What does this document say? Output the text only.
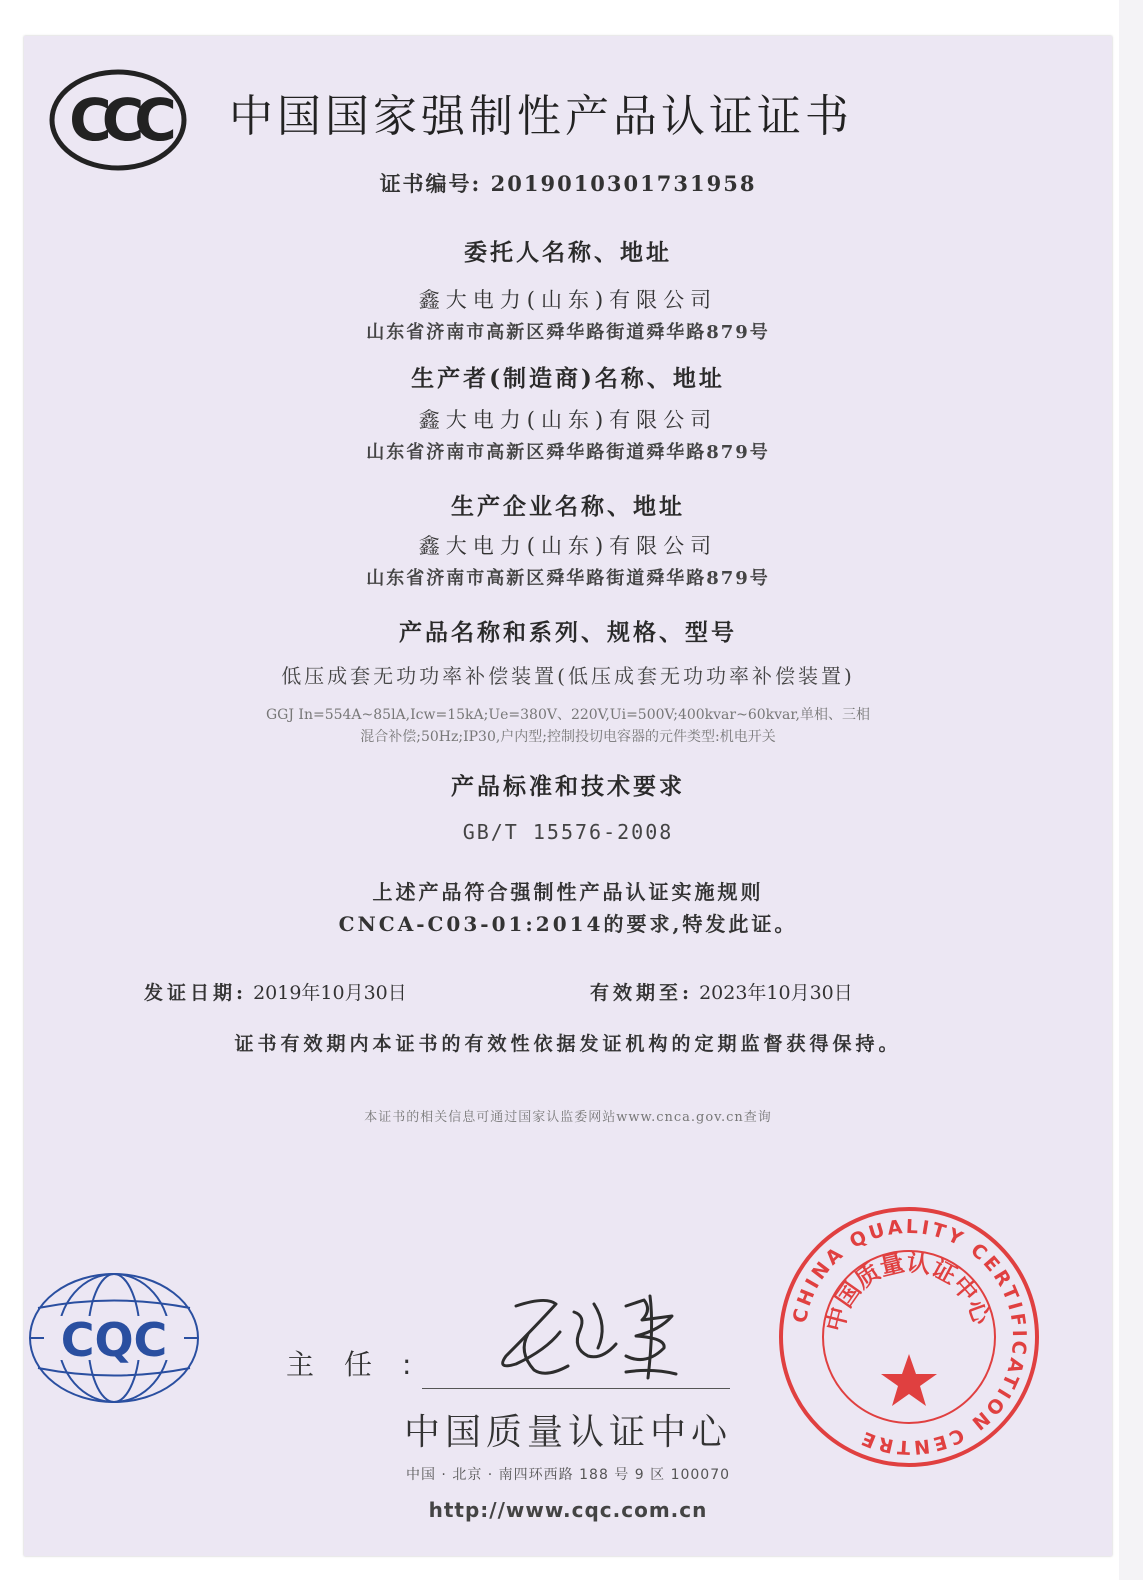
CCC 中国国家强制性产品认证证书
证书编号: 2019010301731958
委托人名称、地址
鑫大电力(山东)有限公司
山东省济南市高新区舜华路街道舜华路879号
生产者(制造商)名称、地址
鑫大电力(山东)有限公司
山东省济南市高新区舜华路街道舜华路879号
生产企业名称、地址
鑫大电力(山东)有限公司
山东省济南市高新区舜华路街道舜华路879号
产品名称和系列、规格、型号
低压成套无功功率补偿装置(低压成套无功功率补偿装置)
GGJ In=554A~85lA,Icw=15kA;Ue=380V、220V,Ui=500V;400kvar~60kvar,单相、三相
混合补偿;50Hz;IP30,户内型;控制投切电容器的元件类型:机电开关
产品标准和技术要求
GB/T 15576-2008
上述产品符合强制性产品认证实施规则
CNCA-C03-01:2014的要求,特发此证。
发证日期: 2019年10月30日	有效期至: 2023年10月30日
证书有效期内本证书的有效性依据发证机构的定期监督获得保持。
本证书的相关信息可通过国家认监委网站www.cnca.gov.cn查询
CQC	主任:
中国质量认证中心
中国 · 北京 · 南四环西路 188 号 9 区 100070
http://www.cqc.com.cn
CHINA QUALITY CERTIFICATION CENTRE
中国质量认证中心
